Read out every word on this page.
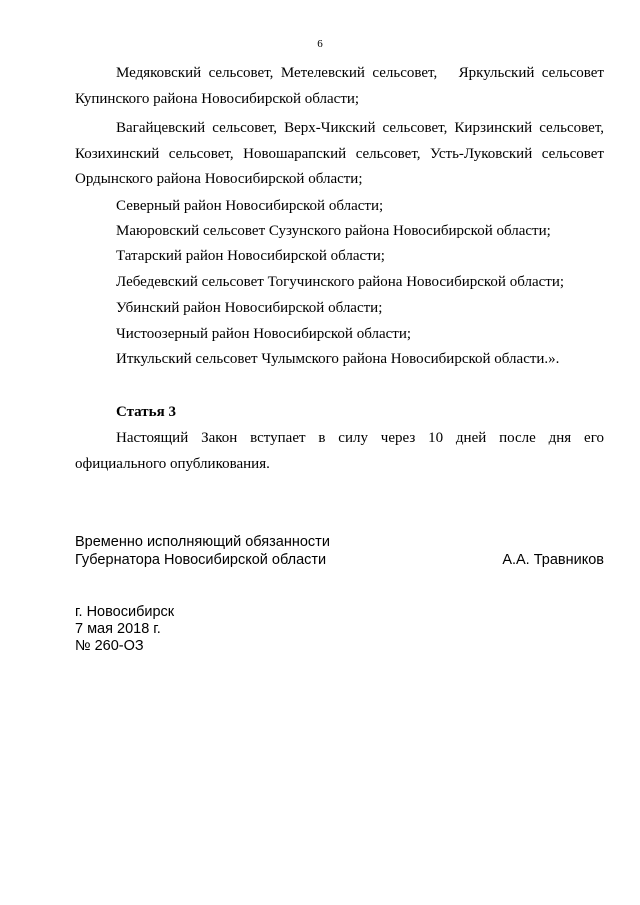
6
Медяковский сельсовет, Метелевский сельсовет, Яркульский сельсовет
Купинского района Новосибирской области;
Вагайцевский сельсовет, Верх-Чикский сельсовет, Кирзинский сельсовет,
Козихинский сельсовет, Новошарапский сельсовет, Усть-Луковский сельсовет
Ордынского района Новосибирской области;
Северный район Новосибирской области;
Маюровский сельсовет Сузунского района Новосибирской области;
Татарский район Новосибирской области;
Лебедевский сельсовет Тогучинского района Новосибирской области;
Убинский район Новосибирской области;
Чистоозерный район Новосибирской области;
Иткульский сельсовет Чулымского района Новосибирской области.».
Статья 3
Настоящий Закон вступает в силу через 10 дней после дня его
официального опубликования.
Временно исполняющий обязанности
Губернатора Новосибирской области	А.А. Травников
г. Новосибирск
7 мая 2018 г.
№ 260-ОЗ
